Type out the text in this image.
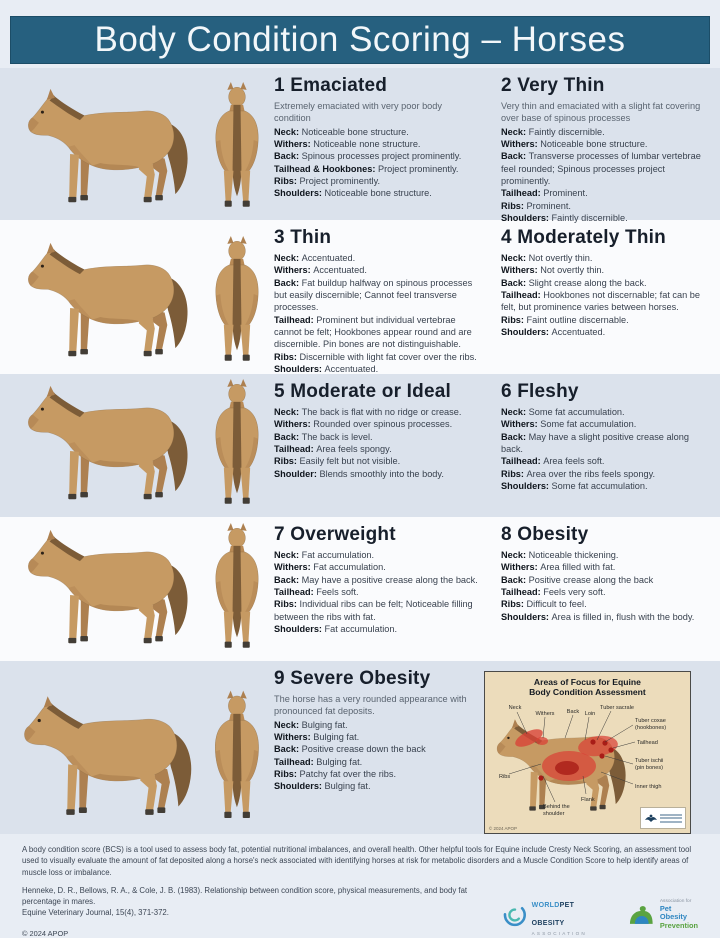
Body Condition Scoring – Horses
1 Emaciated

Extremely emaciated with very poor body condition

Neck: Noticeable bone structure.

Withers: Noticeable none structure.

Back: Spinous processes project prominently.

Tailhead & Hookbones: Project prominently.

Ribs: Project prominently.

Shoulders: Noticeable bone structure.

2 Very Thin

Very thin and emaciated with a slight fat covering over base of spinous processes

Neck: Faintly discernible.

Withers: Noticeable bone structure.

Back: Transverse processes of lumbar vertebrae feel rounded; Spinous processes project prominently.

Tailhead: Prominent.

Ribs: Prominent.

Shoulders: Faintly discernible.

3 Thin

Neck: Accentuated.

Withers: Accentuated.

Back: Fat buildup halfway on spinous processes but easily discernible; Cannot feel transverse processes.

Tailhead: Prominent but individual vertebrae cannot be felt; Hookbones appear round and are discernible. Pin bones are not distinguishable.

Ribs: Discernible with light fat cover over the ribs.

Shoulders: Accentuated.

4 Moderately Thin

Neck: Not overtly thin.

Withers: Not overtly thin.

Back: Slight crease along the back.

Tailhead: Hookbones not discernable; fat can be felt, but prominence varies between horses.

Ribs: Faint outline discernable.

Shoulders: Accentuated.

5 Moderate or Ideal

Neck: The back is flat with no ridge or crease.

Withers: Rounded over spinous processes.

Back: The back is level.

Tailhead: Area feels spongy.

Ribs: Easily felt but not visible.

Shoulder: Blends smoothly into the body.

6 Fleshy

Neck: Some fat accumulation.

Withers: Some fat accumulation.

Back: May have a slight positive crease along back.

Tailhead: Area feels soft.

Ribs: Area over the ribs feels spongy.

Shoulders: Some fat accumulation.

7 Overweight

Neck: Fat accumulation.

Withers: Fat accumulation.

Back: May have a positive crease along the back.

Tailhead: Feels soft.

Ribs: Individual ribs can be felt; Noticeable filling between the ribs with fat.

Shoulders: Fat accumulation.

8 Obesity

Neck: Noticeable thickening.

Withers: Area filled with fat.

Back: Positive crease along the back

Tailhead: Feels very soft.

Ribs: Difficult to feel.

Shoulders: Area is filled in, flush with the body.

9 Severe Obesity

The horse has a very rounded appearance with pronounced fat deposits.

Neck: Bulging fat.

Withers: Bulging fat.

Back: Positive crease down the back

Tailhead: Bulging fat.

Ribs: Patchy fat over the ribs.

Shoulders: Bulging fat.

Areas of Focus for Equine
Body Condition Assessment
Neck
Withers Back Loin
Tuber sacrale
Tuber coxae
(hookbones)
Tailhead
Tuber ischii
(pin bones)
Inner thigh
Ribs
Flank
Behind the
shoulder
© 2024 APOP

A body condition score (BCS) is a tool used to assess body fat, potential nutritional imbalances, and overall health. Other helpful tools for Equine include Cresty Neck Scoring, an assessment tool used to visually evaluate the amount of fat deposited along a horse's neck associated with identifying horses at risk for metabolic disorders and a Muscle Condition Score to help identify areas of muscle loss or imbalance.

Henneke, D. R., Bellows, R. A., & Cole, J. B. (1983). Relationship between condition score, physical measurements, and body fat percentage in mares.

Equine Veterinary Journal, 15(4), 371-372.

© 2024 APOP

WORLDPET OBESITY
ASSOCIATION
Association for
Pet Obesity
Prevention
